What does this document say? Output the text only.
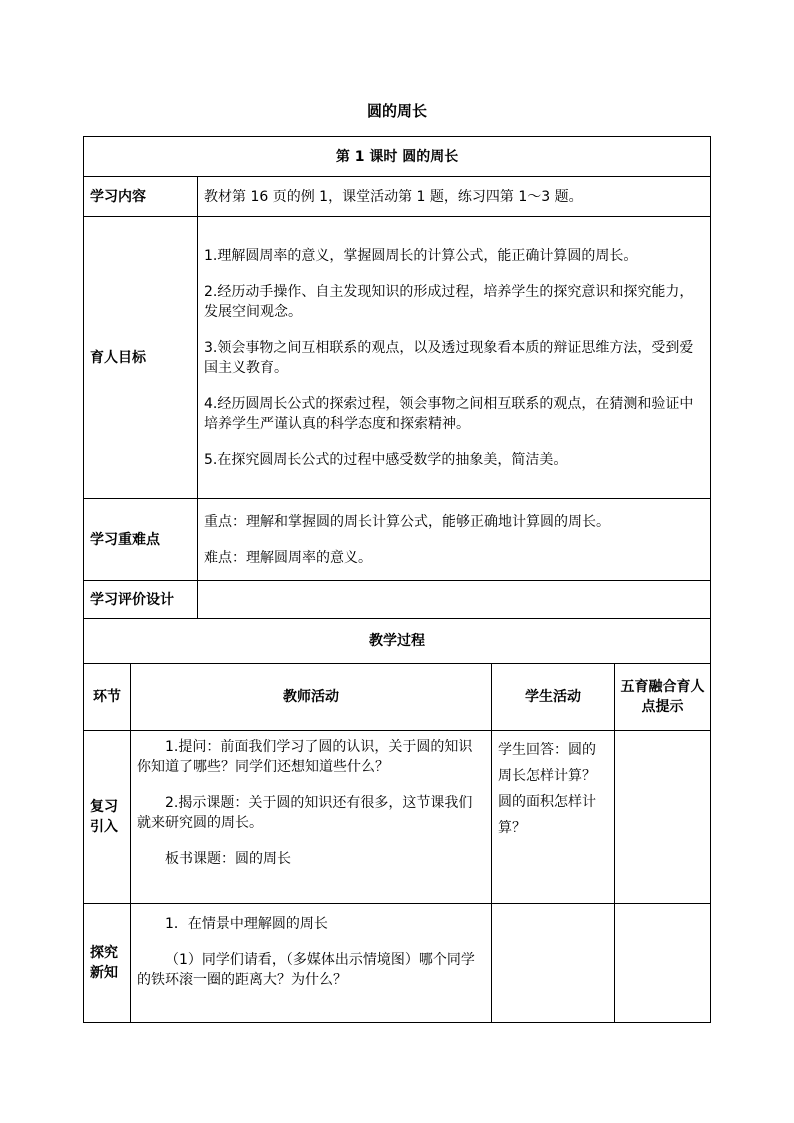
圆的周长
第 1 课时 圆的周长				
学习内容		教材第 16 页的例 1，课堂活动第 1 题，练习四第 1～3 题。		
育人目标		1.理解圆周率的意义，掌握圆周长的计算公式，能正确计算圆的周长。

2.经历动手操作、自主发现知识的形成过程，培养学生的探究意识和探究能力，发展空间观念。

3.领会事物之间互相联系的观点，以及透过现象看本质的辩证思维方法，受到爱国主义教育。

4.经历圆周长公式的探索过程，领会事物之间相互联系的观点，在猜测和验证中培养学生严谨认真的科学态度和探索精神。

5.在探究圆周长公式的过程中感受数学的抽象美，简洁美。		

学习重难点		重点：理解和掌握圆的周长计算公式，能够正确地计算圆的周长。

难点：理解圆周率的意义。		

学习评价设计				
教学过程				
环节	教师活动		学生活动	五育融合育人点提示
复习引入	1.提问：前面我们学习了圆的认识，关于圆的知识你知道了哪些？同学们还想知道些什么？

2.揭示课题：关于圆的知识还有很多，这节课我们就来研究圆的周长。

板书课题：圆的周长		学生回答：圆的周长怎样计算？圆的面积怎样计算？	
探究新知	1．在情景中理解圆的周长

（1）同学们请看，（多媒体出示情境图）哪个同学的铁环滚一圈的距离大？为什么？			
